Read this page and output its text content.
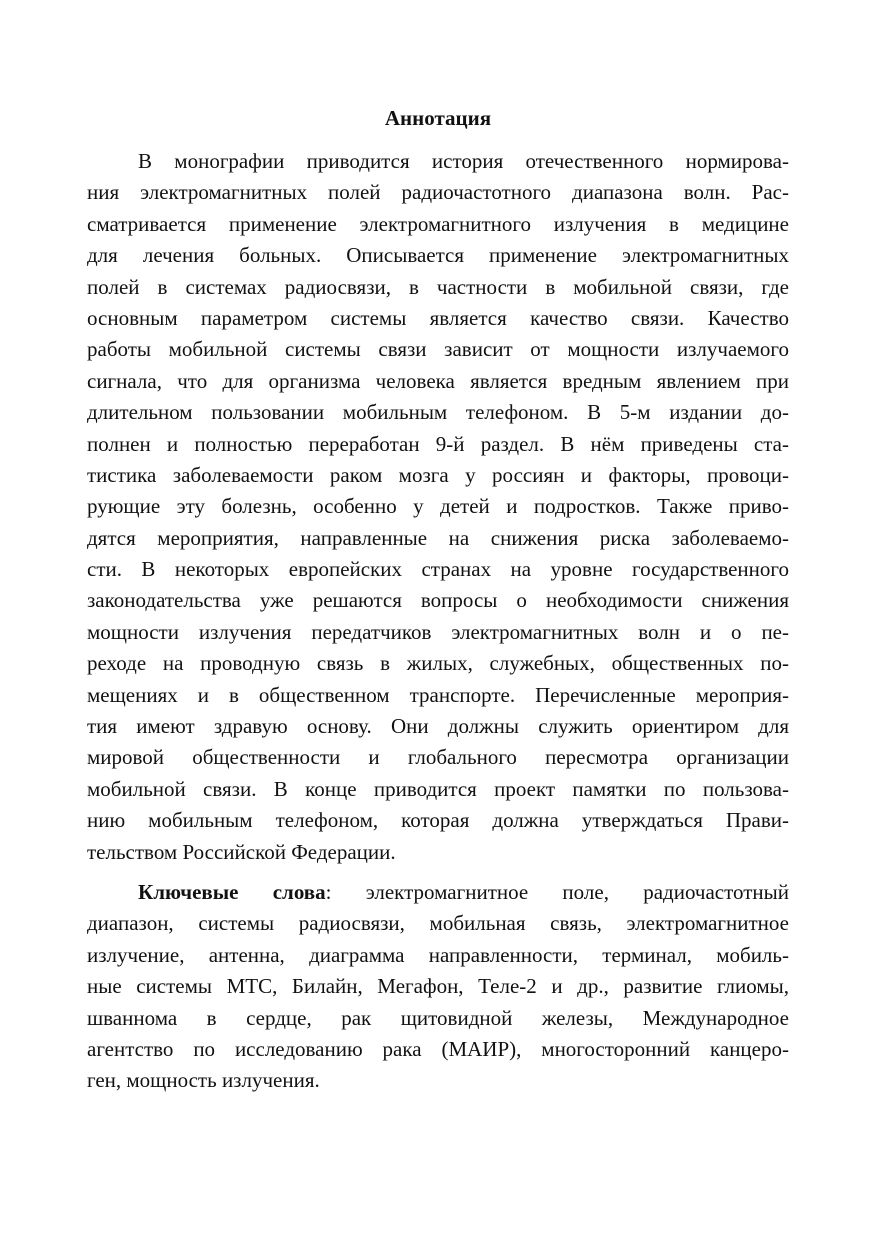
Аннотация
В монографии приводится история отечественного нормирова-
ния электромагнитных полей радиочастотного диапазона волн. Рас-
сматривается применение электромагнитного излучения в медицине
для лечения больных. Описывается применение электромагнитных
полей в системах радиосвязи, в частности в мобильной связи, где
основным параметром системы является качество связи. Качество
работы мобильной системы связи зависит от мощности излучаемого
сигнала, что для организма человека является вредным явлением при
длительном пользовании мобильным телефоном. В 5-м издании до-
полнен и полностью переработан 9-й раздел. В нём приведены ста-
тистика заболеваемости раком мозга у россиян и факторы, провоци-
рующие эту болезнь, особенно у детей и подростков. Также приво-
дятся мероприятия, направленные на снижения риска заболеваемо-
сти. В некоторых европейских странах на уровне государственного
законодательства уже решаются вопросы о необходимости снижения
мощности излучения передатчиков электромагнитных волн и о пе-
реходе на проводную связь в жилых, служебных, общественных по-
мещениях и в общественном транспорте. Перечисленные мероприя-
тия имеют здравую основу. Они должны служить ориентиром для
мировой общественности и глобального пересмотра организации
мобильной связи. В конце приводится проект памятки по пользова-
нию мобильным телефоном, которая должна утверждаться Прави-
тельством Российской Федерации.
Ключевые слова: электромагнитное поле, радиочастотный
диапазон, системы радиосвязи, мобильная связь, электромагнитное
излучение, антенна, диаграмма направленности, терминал, мобиль-
ные системы МТС, Билайн, Мегафон, Теле-2 и др., развитие глиомы,
шваннома в сердце, рак щитовидной железы, Международное
агентство по исследованию рака (МАИР), многосторонний канцеро-
ген, мощность излучения.
